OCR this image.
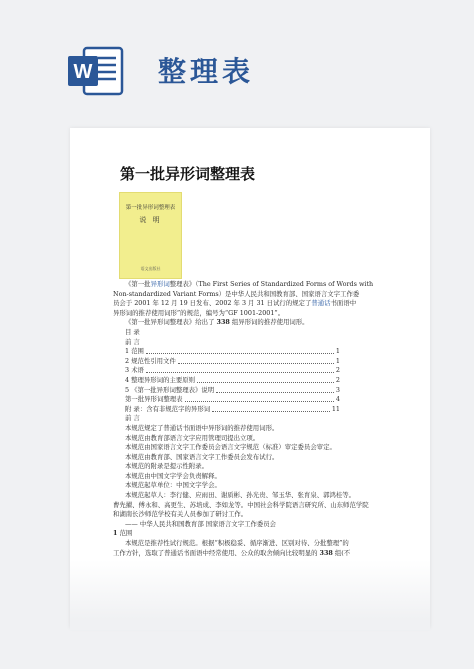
W 整理表
第一批异形词整理表
第一批异形词整理表
说 明
语文出版社
《第一批异形词整理表》（The First Series of Standardized Forms of Words with
Non-standardized Variant Forms）是中华人民共和国教育部、国家语言文字工作委
员会于 2001 年 12 月 19 日发布、2002 年 3 月 31 日试行的规定了普通话书面语中
异形词的推荐使用词形”的规范，编号为“GF 1001-2001”。
《第一批异形词整理表》给出了 338 组异形词的推荐使用词形。
目 录
前 言
1 范围	1
2 规范性引用文件	1
3 术语	2
4 整理异形词的主要原则	2
5 《第一批异形词整理表》说明	3
第一批异形词整理表	4
附 录：含有非规范字的异形词	11
前 言
本规范规定了普通话书面语中异形词的推荐使用词形。
本规范由教育部语言文字应用管理司提出立项。
本规范由国家语言文字工作委员会语言文字规范（标准）审定委员会审定。
本规范由教育部、国家语言文字工作委员会发布试行。
本规范的附录是提示性附录。
本规范由中国文字学会负责解释。
本规范起草单位：中国文字学会。
本规范起草人：李行健、应雨田、谢质彬、孙光贵、邹玉华、张育泉、郭鸿桂等。
曹先擢、傅永和、高更生、苏培成、李如龙等。中国社会科学院语言研究所、山东师范学院
和湖南长沙师范学校有关人员参加了研讨工作。
—— 中华人民共和国教育部 国家语言文字工作委员会
1 范围
本规范是推荐性试行规范。根据“积极稳妥、循序渐进、区别对待、分批整理”的
工作方针，选取了普通话书面语中经常使用、公众的取舍倾向比较明显的 338 组(不
